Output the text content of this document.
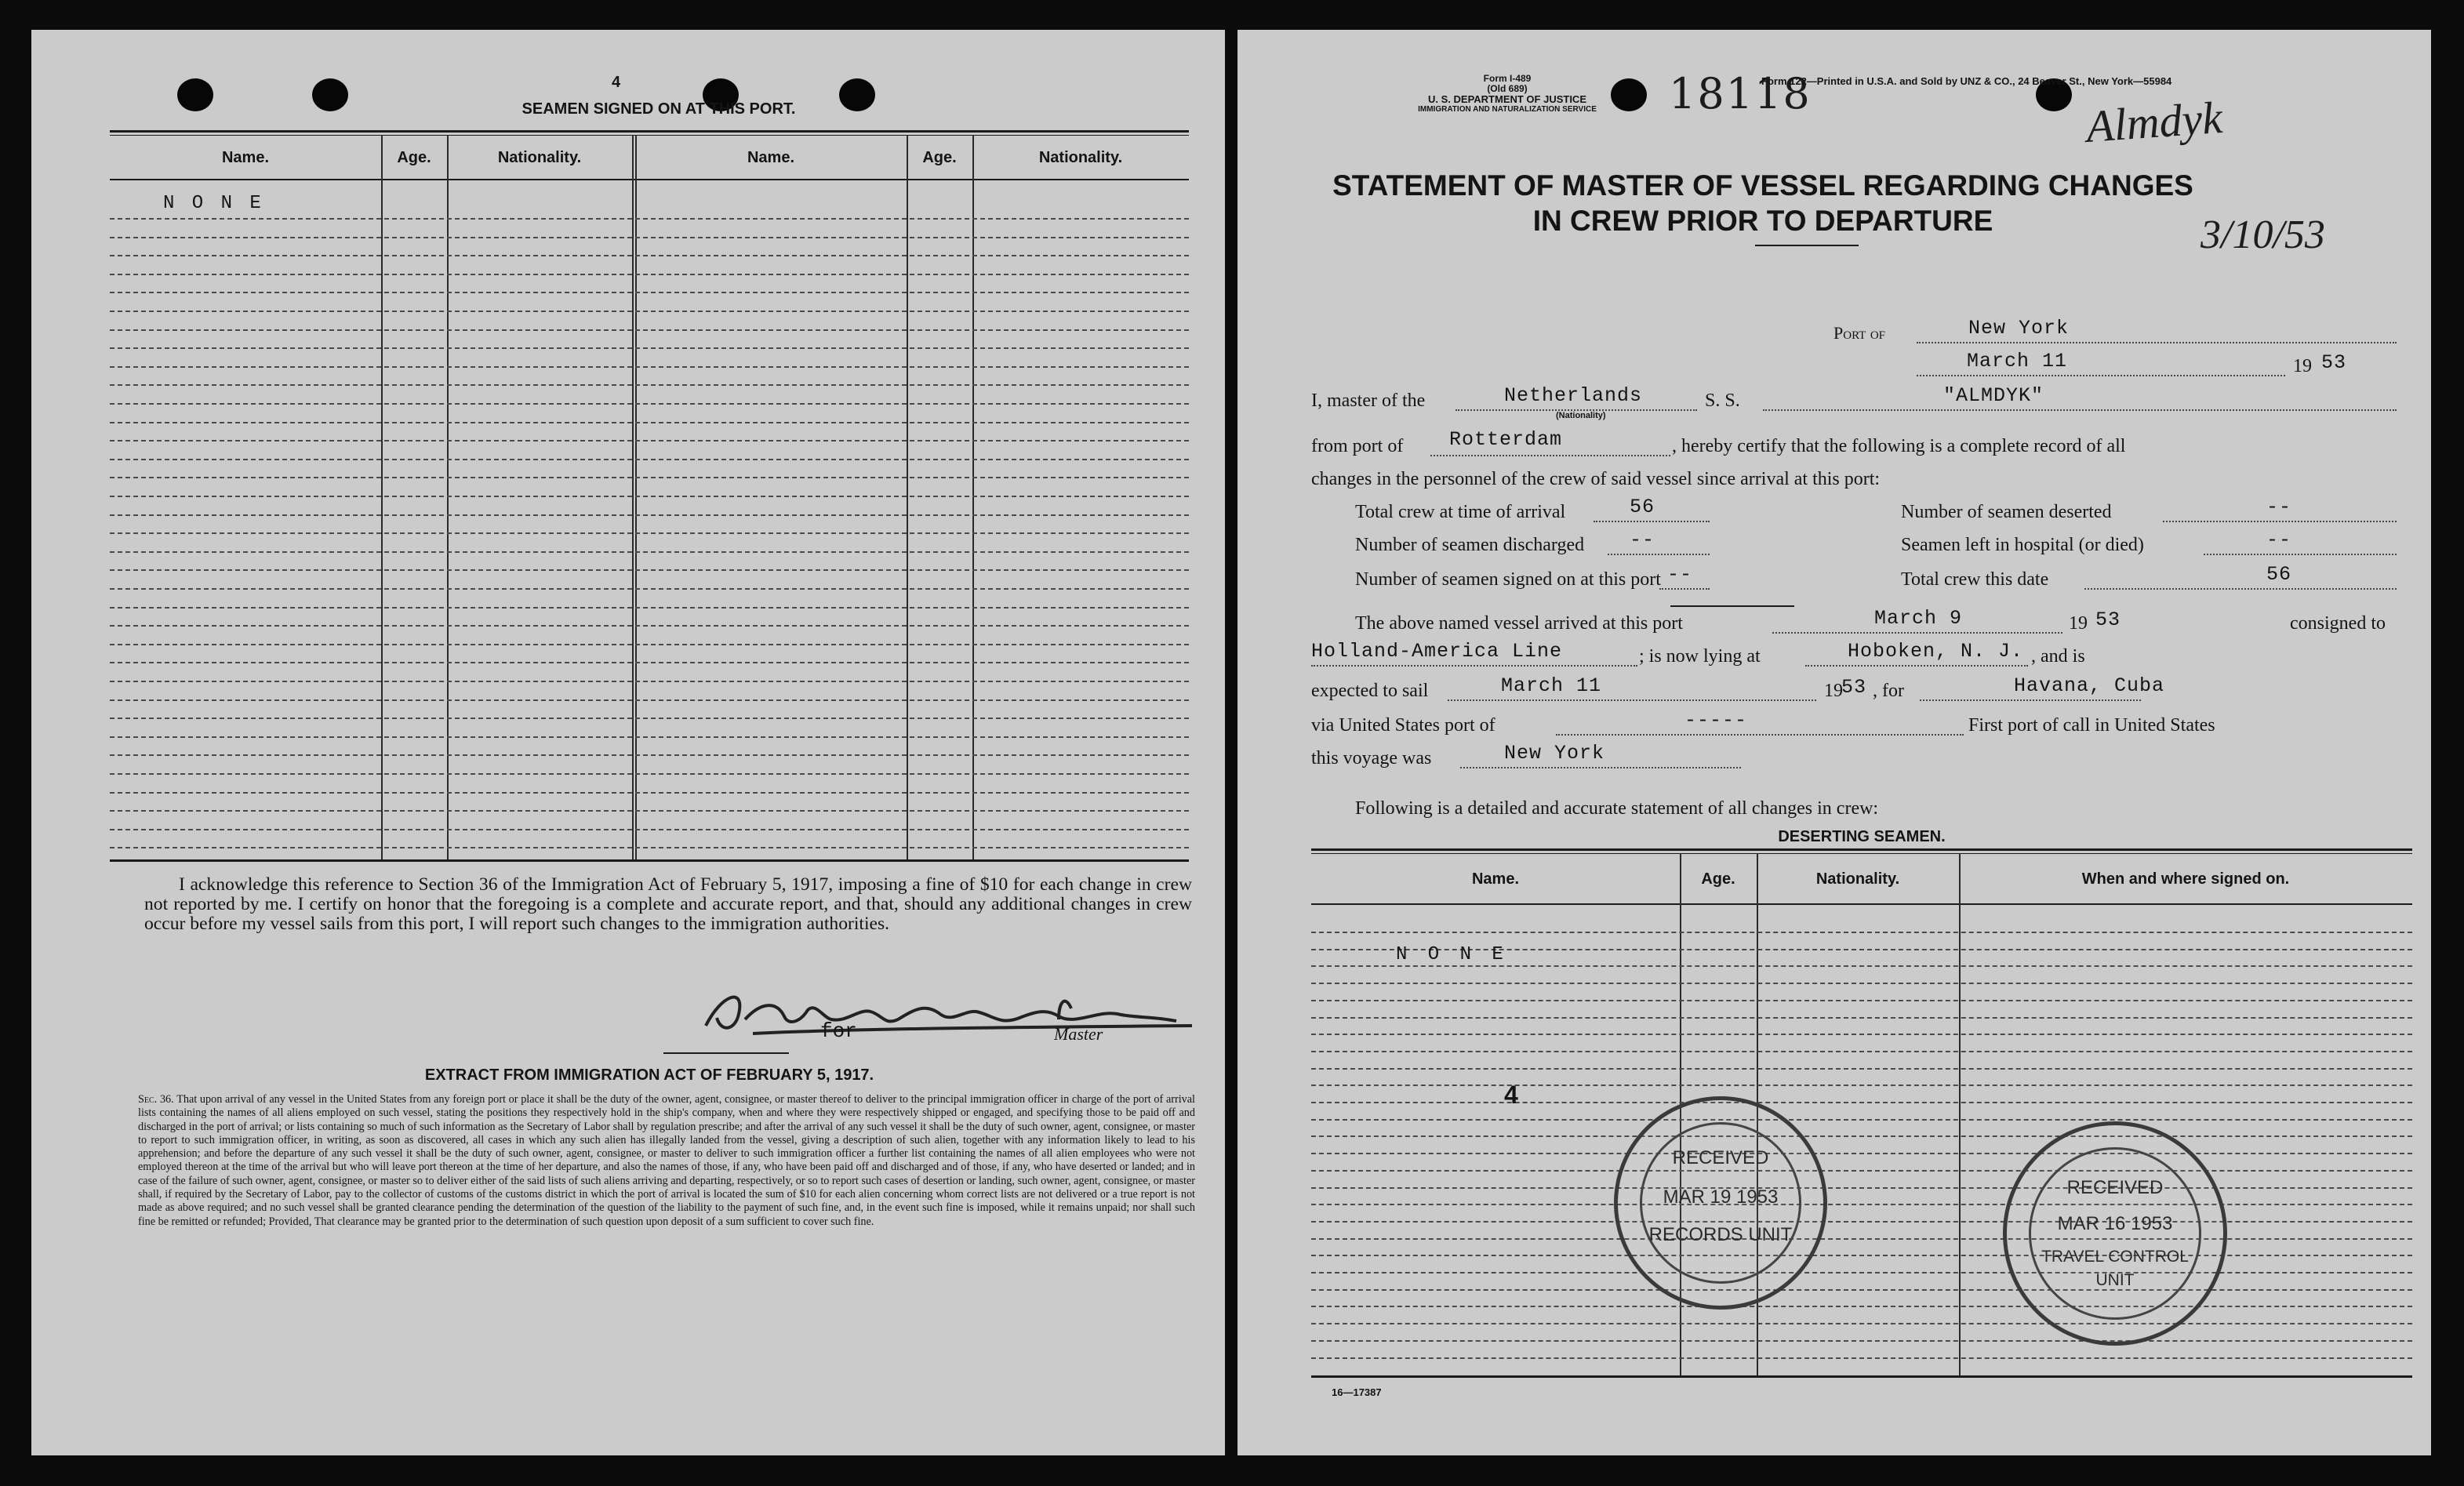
4
SEAMEN SIGNED ON AT THIS PORT.
Name.	Age.	Nationality.	Name.	Age.	Nationality.
N O N E
I acknowledge this reference to Section 36 of the Immigration Act of February 5, 1917, imposing a fine of $10 for each change in crew not reported by me. I certify on honor that the foregoing is a complete and accurate report, and that, should any additional changes in crew occur before my vessel sails from this port, I will report such changes to the immigration authorities.
for	Master
EXTRACT FROM IMMIGRATION ACT OF FEBRUARY 5, 1917.
Sec. 36. That upon arrival of any vessel in the United States from any foreign port or place it shall be the duty of the owner, agent, consignee, or master thereof to deliver to the principal immigration officer in charge of the port of arrival lists containing the names of all aliens employed on such vessel, stating the positions they respectively hold in the ship's company, when and where they were respectively shipped or engaged, and specifying those to be paid off and discharged in the port of arrival; or lists containing so much of such information as the Secretary of Labor shall by regulation prescribe; and after the arrival of any such vessel it shall be the duty of such owner, agent, consignee, or master to report to such immigration officer, in writing, as soon as discovered, all cases in which any such alien has illegally landed from the vessel, giving a description of such alien, together with any information likely to lead to his apprehension; and before the departure of any such vessel it shall be the duty of such owner, agent, consignee, or master to deliver to such immigration officer a further list containing the names of all alien employees who were not employed thereon at the time of the arrival but who will leave port thereon at the time of her departure, and also the names of those, if any, who have been paid off and discharged and of those, if any, who have deserted or landed; and in case of the failure of such owner, agent, consignee, or master so to deliver either of the said lists of such aliens arriving and departing, respectively, or so to report such cases of desertion or landing, such owner, agent, consignee, or master shall, if required by the Secretary of Labor, pay to the collector of customs of the customs district in which the port of arrival is located the sum of $10 for each alien concerning whom correct lists are not delivered or a true report is not made as above required; and no such vessel shall be granted clearance pending the determination of the question of the liability to the payment of such fine, and, in the event such fine is imposed, while it remains unpaid; nor shall such fine be remitted or refunded; Provided, That clearance may be granted prior to the determination of such question upon deposit of a sum sufficient to cover such fine.
Form I-489
(Old 689)
U. S. DEPARTMENT OF JUSTICE
IMMIGRATION AND NATURALIZATION SERVICE 18118
Form 122—Printed in U.S.A. and Sold by UNZ & CO., 24 Beaver St., New York—55984
Almdyk
3/10/53
STATEMENT OF MASTER OF VESSEL REGARDING CHANGES
IN CREW PRIOR TO DEPARTURE
Port of	New York
March 11	19 53
I, master of the	Netherlands
(Nationality)
S. S.	"ALMDYK"
from port of Rotterdam	, hereby certify that the following is a complete record of all
changes in the personnel of the crew of said vessel since arrival at this port:
Total crew at time of arrival	56
Number of seamen discharged --
Number of seamen signed on at this port --
Number of seamen deserted	--
Seamen left in hospital (or died)	--
Total crew this date	56
The above named vessel arrived at this port	March 9	19 53	consigned to
Holland-America Line	; is now lying at	Hoboken, N. J. , and is
expected to sail	March 11	19
53 , for	Havana, Cuba
via United States port of	-----	First port of call in United States
this voyage was	New York
Following is a detailed and accurate statement of all changes in crew:
DESERTING SEAMEN.
Name.	Age.	Nationality.	When and where signed on.
N O N E
4
RECEIVED
MAR 19 1953
RECORDS UNIT
RECEIVED
MAR 16 1953
TRAVEL CONTROL
UNIT
16—17387
